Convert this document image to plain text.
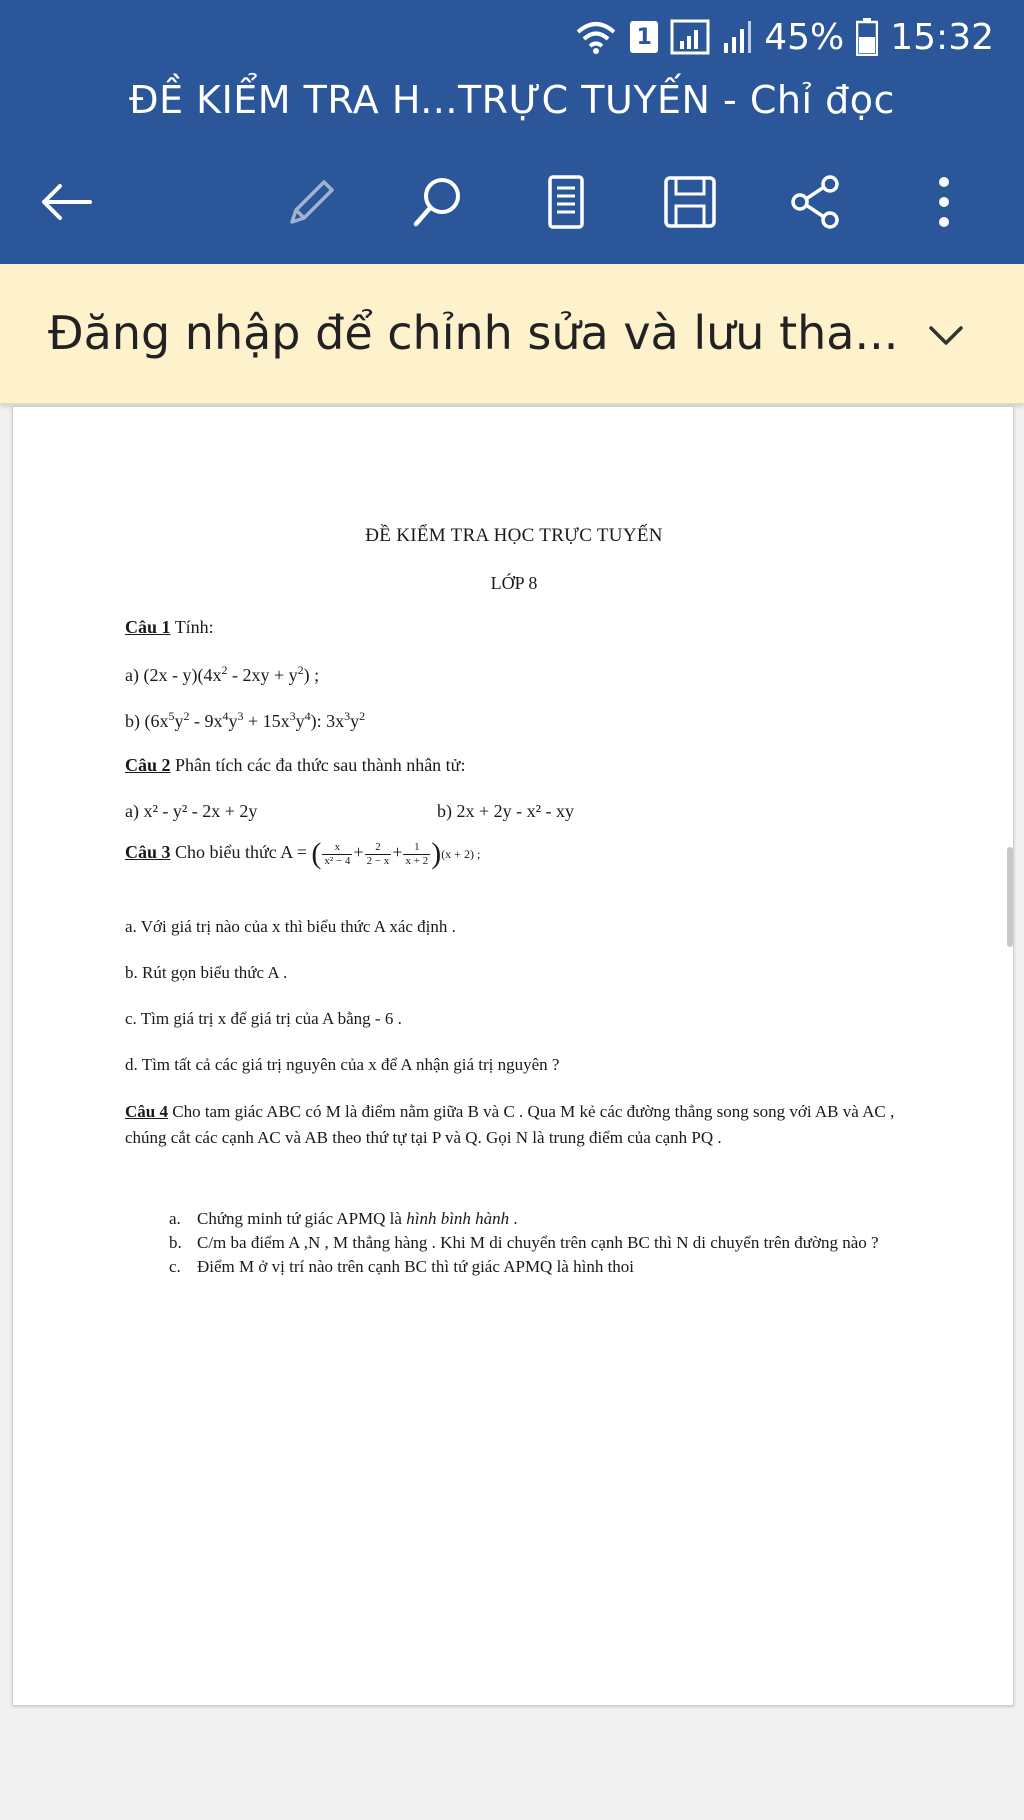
1	45% 15:32
ĐỀ KIỂM TRA H...TRỰC TUYẾN - Chỉ đọc
Đăng nhập để chỉnh sửa và lưu tha...
ĐỀ KIỂM TRA HỌC TRỰC TUYẾN
LỚP 8
Câu 1 Tính:
a) $(2x - y)(4x^2 - 2xy + y^2)$ ;
b) $(6x^5y^2 - 9x^4y^3 + 15x^3y^4)$: $3x^3y^2$
Câu 2 Phân tích các đa thức sau thành nhân tử:
a) x² - y² - 2x + 2y	b) 2x + 2y - x² - xy
Câu 3 Cho biểu thức A = ( $\frac{x}{\text{x² − 4}} + \frac{2}{2 - x} + \frac{1}{x + 2} )(x + 2)$ ;
a. Với giá trị nào của x thì biểu thức A xác định .
b. Rút gọn biểu thức A .
c. Tìm giá trị x để giá trị của A bằng - 6 .
d. Tìm tất cả các giá trị nguyên của x để A nhận giá trị nguyên ?
Câu 4 Cho tam giác ABC có M là điểm nằm giữa B và C . Qua M kẻ các đường thẳng song song với AB và AC , chúng cắt các cạnh AC và AB theo thứ tự tại P và Q. Gọi N là trung điểm của cạnh PQ .
a. Chứng minh tứ giác APMQ là hình bình hành .
b. C/m ba điểm A ,N , M thẳng hàng . Khi M di chuyển trên cạnh BC thì N di chuyển trên đường nào ?
c. Điểm M ở vị trí nào trên cạnh BC thì tứ giác APMQ là hình thoi
